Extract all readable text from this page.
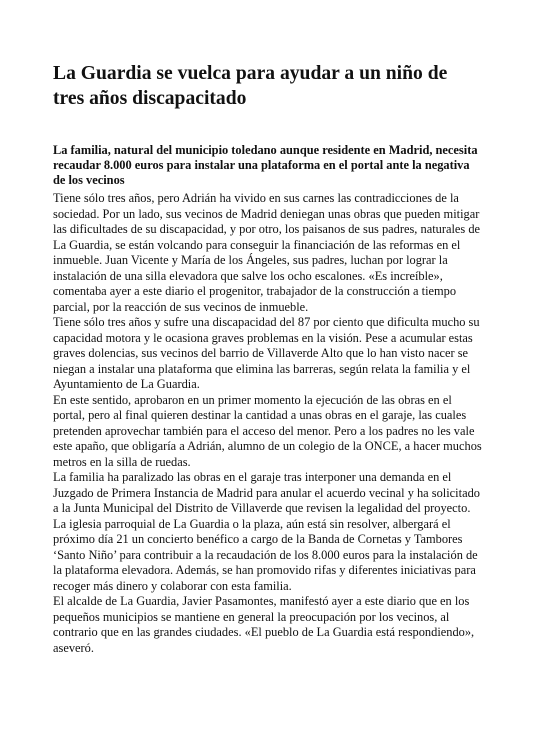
La Guardia se vuelca para ayudar a un niño de tres años discapacitado

La familia, natural del municipio toledano aunque residente en Madrid, necesita recaudar 8.000 euros para instalar una plataforma en el portal ante la negativa de los vecinos

Tiene sólo tres años, pero Adrián ha vivido en sus carnes las contradicciones de la sociedad. Por un lado, sus vecinos de Madrid deniegan unas obras que pueden mitigar las dificultades de su discapacidad, y por otro, los paisanos de sus padres, naturales de La Guardia, se están volcando para conseguir la financiación de las reformas en el inmueble. Juan Vicente y María de los Ángeles, sus padres, luchan por lograr la instalación de una silla elevadora que salve los ocho escalones. «Es increíble», comentaba ayer a este diario el progenitor, trabajador de la construcción a tiempo parcial, por la reacción de sus vecinos de inmueble.

Tiene sólo tres años y sufre una discapacidad del 87 por ciento que dificulta mucho su capacidad motora y le ocasiona graves problemas en la visión. Pese a acumular estas graves dolencias, sus vecinos del barrio de Villaverde Alto que lo han visto nacer se niegan a instalar una plataforma que elimina las barreras, según relata la familia y el Ayuntamiento de La Guardia.

En este sentido, aprobaron en un primer momento la ejecución de las obras en el portal, pero al final quieren destinar la cantidad a unas obras en el garaje, las cuales pretenden aprovechar también para el acceso del menor. Pero a los padres no les vale este apaño, que obligaría a Adrián, alumno de un colegio de la ONCE, a hacer muchos metros en la silla de ruedas.

La familia ha paralizado las obras en el garaje tras interponer una demanda en el Juzgado de Primera Instancia de Madrid para anular el acuerdo vecinal y ha solicitado a la Junta Municipal del Distrito de Villaverde que revisen la legalidad del proyecto.

La iglesia parroquial de La Guardia o la plaza, aún está sin resolver, albergará el próximo día 21 un concierto benéfico a cargo de la Banda de Cornetas y Tambores ‘Santo Niño’ para contribuir a la recaudación de los 8.000 euros para la instalación de la plataforma elevadora. Además, se han promovido rifas y diferentes iniciativas para recoger más dinero y colaborar con esta familia.

El alcalde de La Guardia, Javier Pasamontes, manifestó ayer a este diario que en los pequeños municipios se mantiene en general la preocupación por los vecinos, al contrario que en las grandes ciudades. «El pueblo de La Guardia está respondiendo», aseveró.
